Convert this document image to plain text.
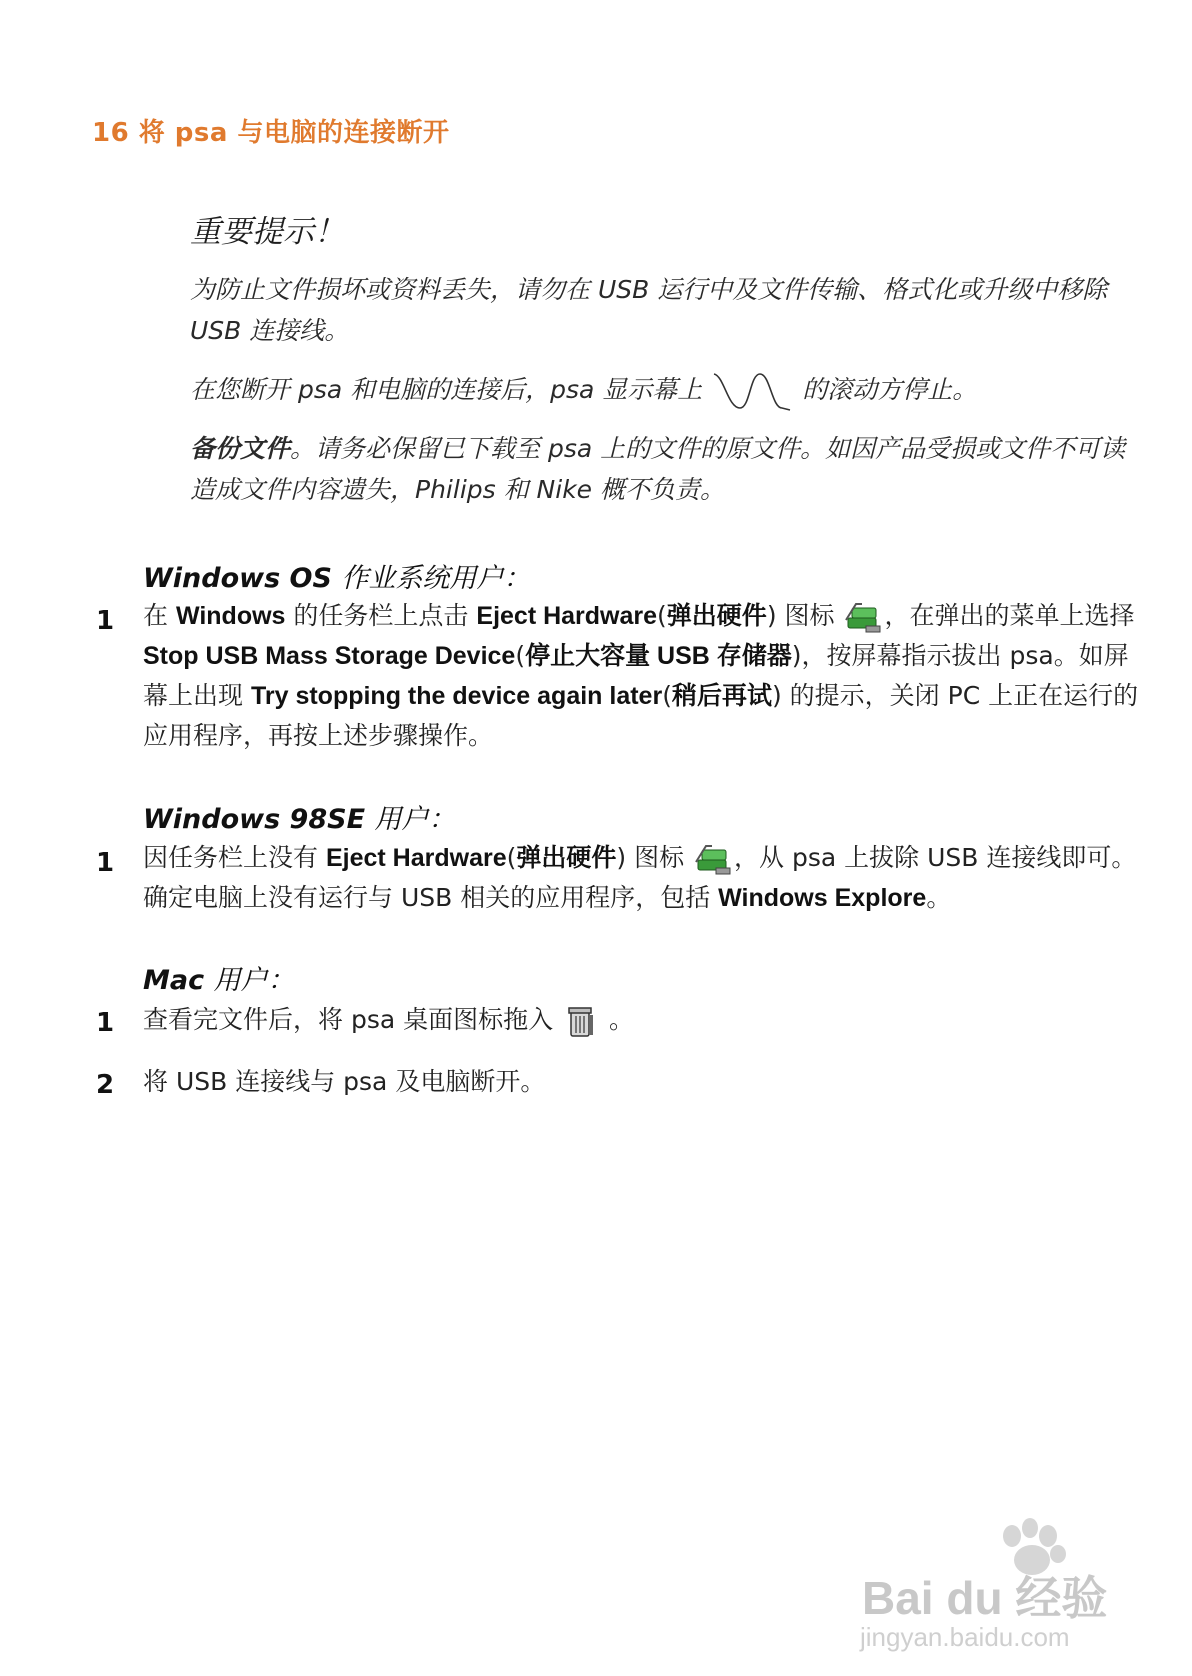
16 将 psa 与电脑的连接断开
重要提示！
为防止文件损坏或资料丢失，请勿在 USB 运行中及文件传输、格式化或升级中移除 USB 连接线。
在您断开 psa 和电脑的连接后，psa 显示幕上	的滚动方停止。
备份文件。请务必保留已下载至 psa 上的文件的原文件。如因产品受损或文件不可读造成文件内容遗失，Philips 和 Nike 概不负责。
Windows OS 作业系统用户：
1 在 Windows 的任务栏上点击 Eject Hardware(弹出硬件) 图标 ，在弹出的菜单上选择 Stop USB Mass Storage Device(停止大容量 USB 存储器)，按屏幕指示拔出 psa。如屏幕上出现 Try stopping the device again later(稍后再试) 的提示，关闭 PC 上正在运行的应用程序，再按上述步骤操作。
Windows 98SE 用户：
1 因任务栏上没有 Eject Hardware(弹出硬件) 图标 ，从 psa 上拔除 USB 连接线即可。确定电脑上没有运行与 USB 相关的应用程序，包括 Windows Explore。
Mac 用户：
1 查看完文件后，将 psa 桌面图标拖入 。
2 将 USB 连接线与 psa 及电脑断开。
Bai du 经验
jingyan.baidu.com
